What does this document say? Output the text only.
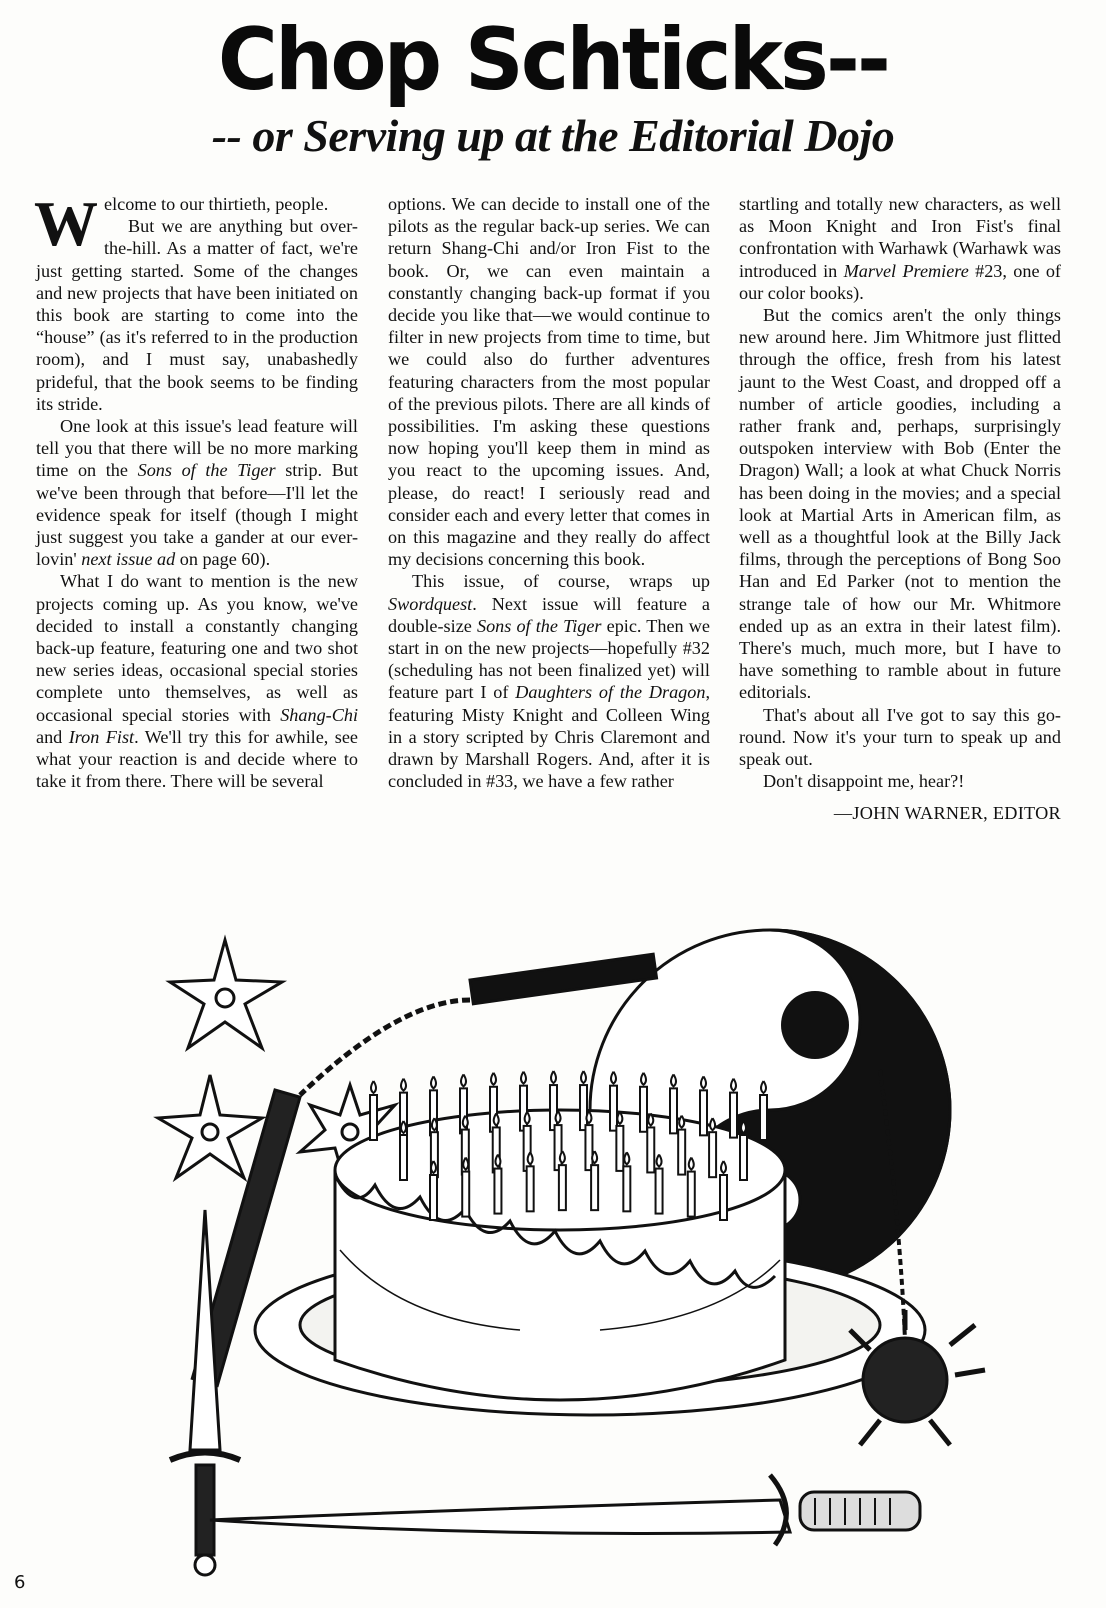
Chop Schticks--
-- or Serving up at the Editorial Dojo

Welcome to our thirtieth, people.

But we are anything but over-the-hill. As a matter of fact, we're just getting started. Some of the changes and new projects that have been initiated on this book are starting to come into the “house” (as it's referred to in the production room), and I must say, unabashedly prideful, that the book seems to be finding its stride.

One look at this issue's lead feature will tell you that there will be no more marking time on the Sons of the Tiger strip. But we've been through that before—I'll let the evidence speak for itself (though I might just suggest you take a gander at our ever-lovin' next issue ad on page 60).

What I do want to mention is the new projects coming up. As you know, we've decided to install a constantly changing back-up feature, featuring one and two shot new series ideas, occasional special stories complete unto themselves, as well as occasional special stories with Shang-Chi and Iron Fist. We'll try this for awhile, see what your reaction is and decide where to take it from there. There will be several

options. We can decide to install one of the pilots as the regular back-up series. We can return Shang-Chi and/or Iron Fist to the book. Or, we can even maintain a constantly changing back-up format if you decide you like that—we would continue to filter in new projects from time to time, but we could also do further adventures featuring characters from the most popular of the previous pilots. There are all kinds of possibilities. I'm asking these questions now hoping you'll keep them in mind as you react to the upcoming issues. And, please, do react! I seriously read and consider each and every letter that comes in on this magazine and they really do affect my decisions concerning this book.

This issue, of course, wraps up Swordquest. Next issue will feature a double-size Sons of the Tiger epic. Then we start in on the new projects—hopefully #32 (scheduling has not been finalized yet) will feature part I of Daughters of the Dragon, featuring Misty Knight and Colleen Wing in a story scripted by Chris Claremont and drawn by Marshall Rogers. And, after it is concluded in #33, we have a few rather

startling and totally new characters, as well as Moon Knight and Iron Fist's final confrontation with Warhawk (Warhawk was introduced in Marvel Premiere #23, one of our color books).

But the comics aren't the only things new around here. Jim Whitmore just flitted through the office, fresh from his latest jaunt to the West Coast, and dropped off a number of article goodies, including a rather frank and, perhaps, surprisingly outspoken interview with Bob (Enter the Dragon) Wall; a look at what Chuck Norris has been doing in the movies; and a special look at Martial Arts in American film, as well as a thoughtful look at the Billy Jack films, through the perceptions of Bong Soo Han and Ed Parker (not to mention the strange tale of how our Mr. Whitmore ended up as an extra in their latest film). There's much, much more, but I have to have something to ramble about in future editorials.

That's about all I've got to say this go-round. Now it's your turn to speak up and speak out.

Don't disappoint me, hear?!

—JOHN WARNER, EDITOR

6
